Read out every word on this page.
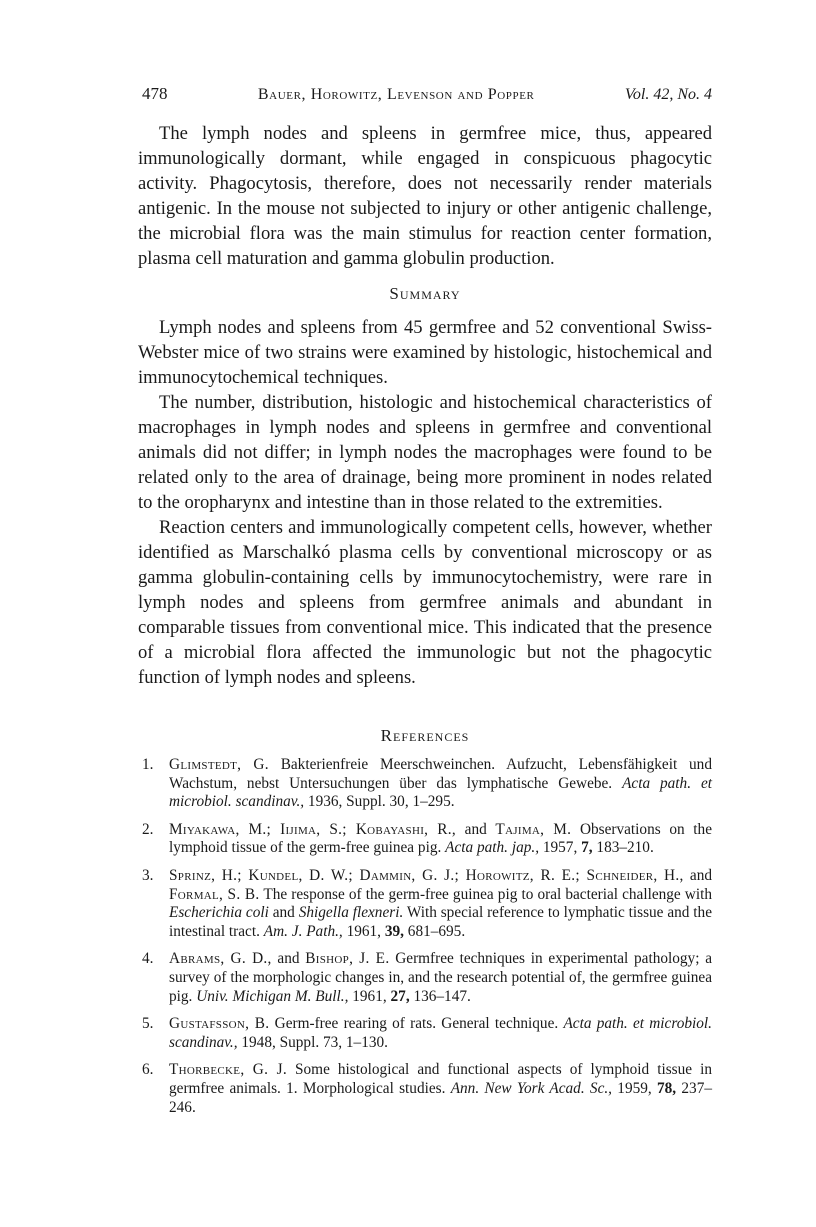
478	Bauer, Horowitz, Levenson and Popper	Vol. 42, No. 4

The lymph nodes and spleens in germfree mice, thus, appeared immunologically dormant, while engaged in conspicuous phagocytic activity. Phagocytosis, therefore, does not necessarily render materials antigenic. In the mouse not subjected to injury or other antigenic challenge, the microbial flora was the main stimulus for reaction center formation, plasma cell maturation and gamma globulin production.

Summary

Lymph nodes and spleens from 45 germfree and 52 conventional Swiss-Webster mice of two strains were examined by histologic, histochemical and immunocytochemical techniques.

The number, distribution, histologic and histochemical characteristics of macrophages in lymph nodes and spleens in germfree and conventional animals did not differ; in lymph nodes the macrophages were found to be related only to the area of drainage, being more prominent in nodes related to the oropharynx and intestine than in those related to the extremities.

Reaction centers and immunologically competent cells, however, whether identified as Marschalkó plasma cells by conventional microscopy or as gamma globulin-containing cells by immunocytochemistry, were rare in lymph nodes and spleens from germfree animals and abundant in comparable tissues from conventional mice. This indicated that the presence of a microbial flora affected the immunologic but not the phagocytic function of lymph nodes and spleens.

References
1.	Glimstedt, G. Bakterienfreie Meerschweinchen. Aufzucht, Lebensfähigkeit und Wachstum, nebst Untersuchungen über das lymphatische Gewebe. Acta path. et microbiol. scandinav., 1936, Suppl. 30, 1–295.
2.	Miyakawa, M.; Iijima, S.; Kobayashi, R., and Tajima, M. Observations on the lymphoid tissue of the germ-free guinea pig. Acta path. jap., 1957, 7, 183–210.
3.	Sprinz, H.; Kundel, D. W.; Dammin, G. J.; Horowitz, R. E.; Schneider, H., and Formal, S. B. The response of the germ-free guinea pig to oral bacterial challenge with Escherichia coli and Shigella flexneri. With special reference to lymphatic tissue and the intestinal tract. Am. J. Path., 1961, 39, 681–695.
4.	Abrams, G. D., and Bishop, J. E. Germfree techniques in experimental pathology; a survey of the morphologic changes in, and the research potential of, the germfree guinea pig. Univ. Michigan M. Bull., 1961, 27, 136–147.
5.	Gustafsson, B. Germ-free rearing of rats. General technique. Acta path. et microbiol. scandinav., 1948, Suppl. 73, 1–130.
6.	Thorbecke, G. J. Some histological and functional aspects of lymphoid tissue in germfree animals. 1. Morphological studies. Ann. New York Acad. Sc., 1959, 78, 237–246.
